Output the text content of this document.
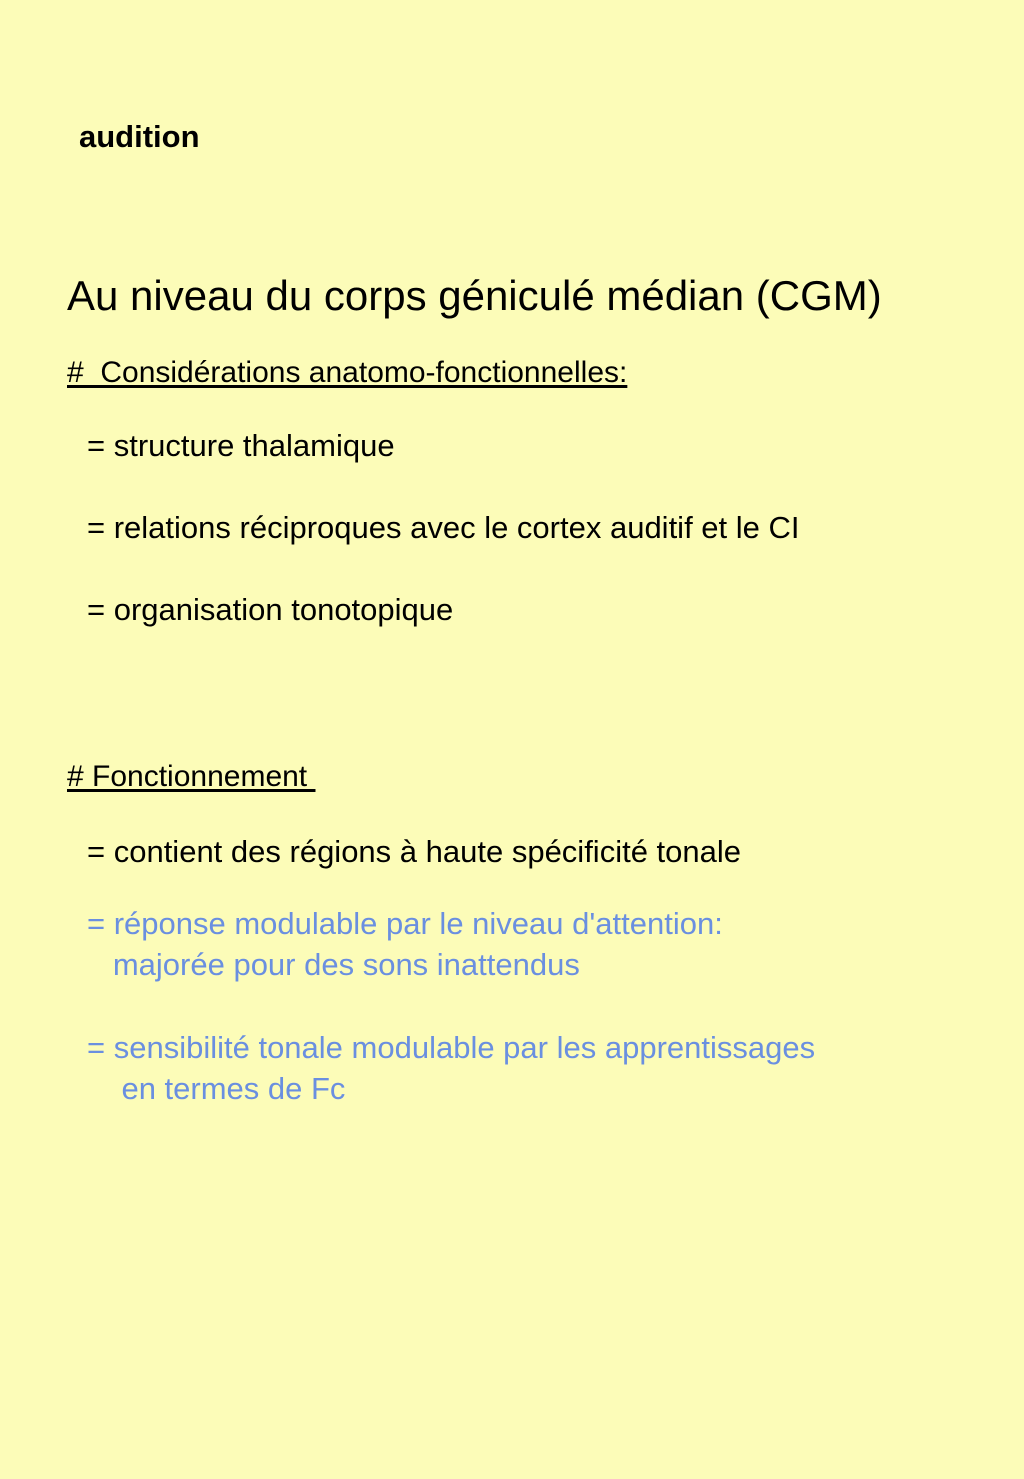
audition
Au niveau du corps géniculé médian (CGM)
#  Considérations anatomo-fonctionnelles:
= structure thalamique
= relations réciproques avec le cortex auditif et le CI
= organisation tonotopique
# Fonctionnement
= contient des régions à haute spécificité tonale
= réponse modulable par le niveau d'attention:
majorée pour des sons inattendus
= sensibilité tonale modulable par les apprentissages
en termes de Fc
